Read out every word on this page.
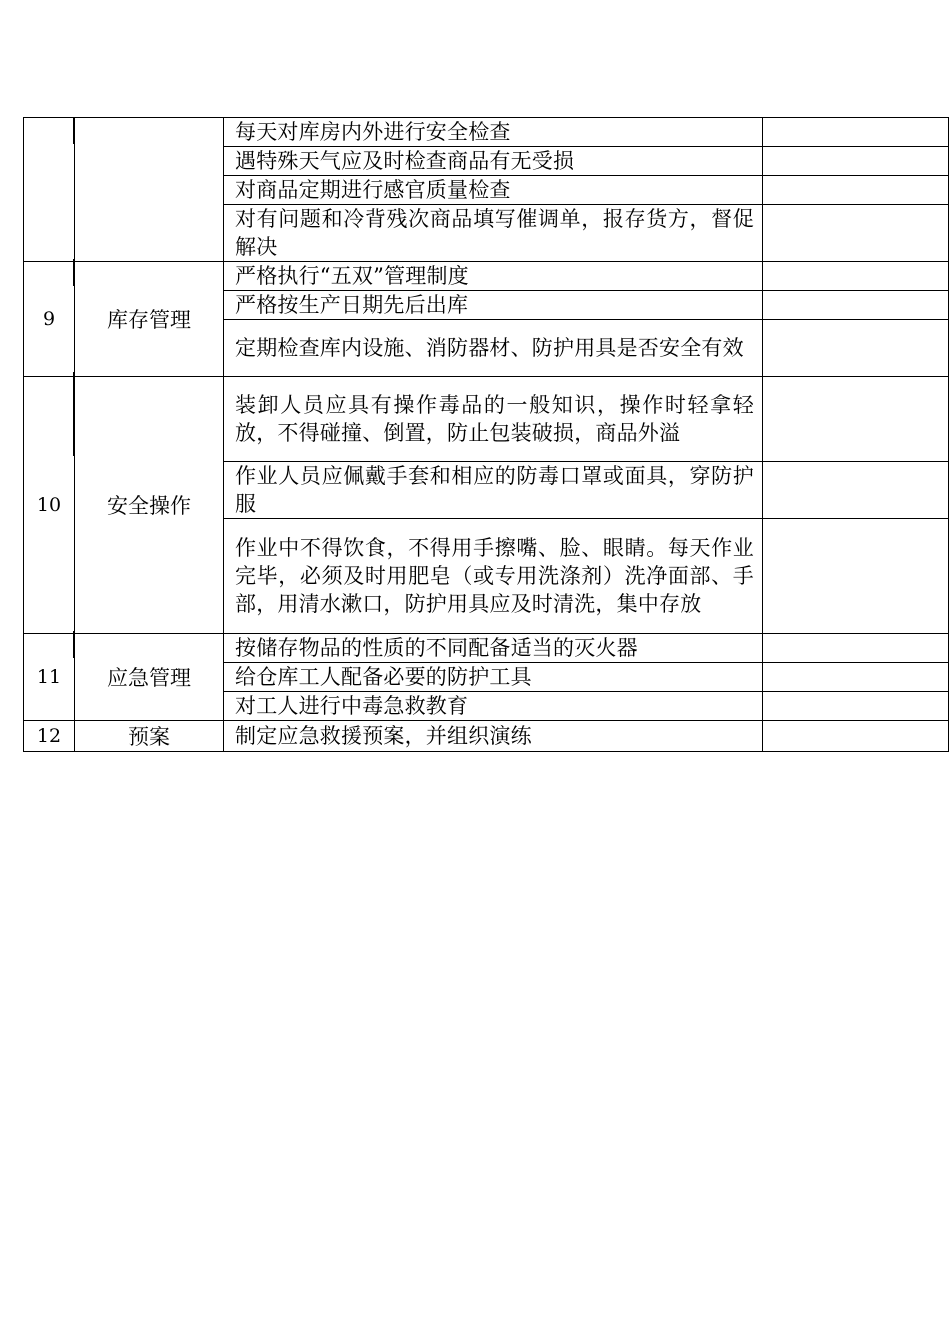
		每天对库房内外进行安全检查	
		遇特殊天气应及时检查商品有无受损	
		对商品定期进行感官质量检查	
		对有问题和冷背残次商品填写催调单，报存货方，督促解决	
9	库存管理	严格执行“五双”管理制度	
		严格按生产日期先后出库	
		定期检查库内设施、消防器材、防护用具是否安全有效	
10	安全操作	装卸人员应具有操作毒品的一般知识，操作时轻拿轻放，不得碰撞、倒置，防止包装破损，商品外溢	
		作业人员应佩戴手套和相应的防毒口罩或面具，穿防护服	
		作业中不得饮食，不得用手擦嘴、脸、眼睛。每天作业完毕，必须及时用肥皂（或专用洗涤剂）洗净面部、手部，用清水漱口，防护用具应及时清洗，集中存放	
11	应急管理	按储存物品的性质的不同配备适当的灭火器	
		给仓库工人配备必要的防护工具	
		对工人进行中毒急救教育	
12	预案	制定应急救援预案，并组织演练	
